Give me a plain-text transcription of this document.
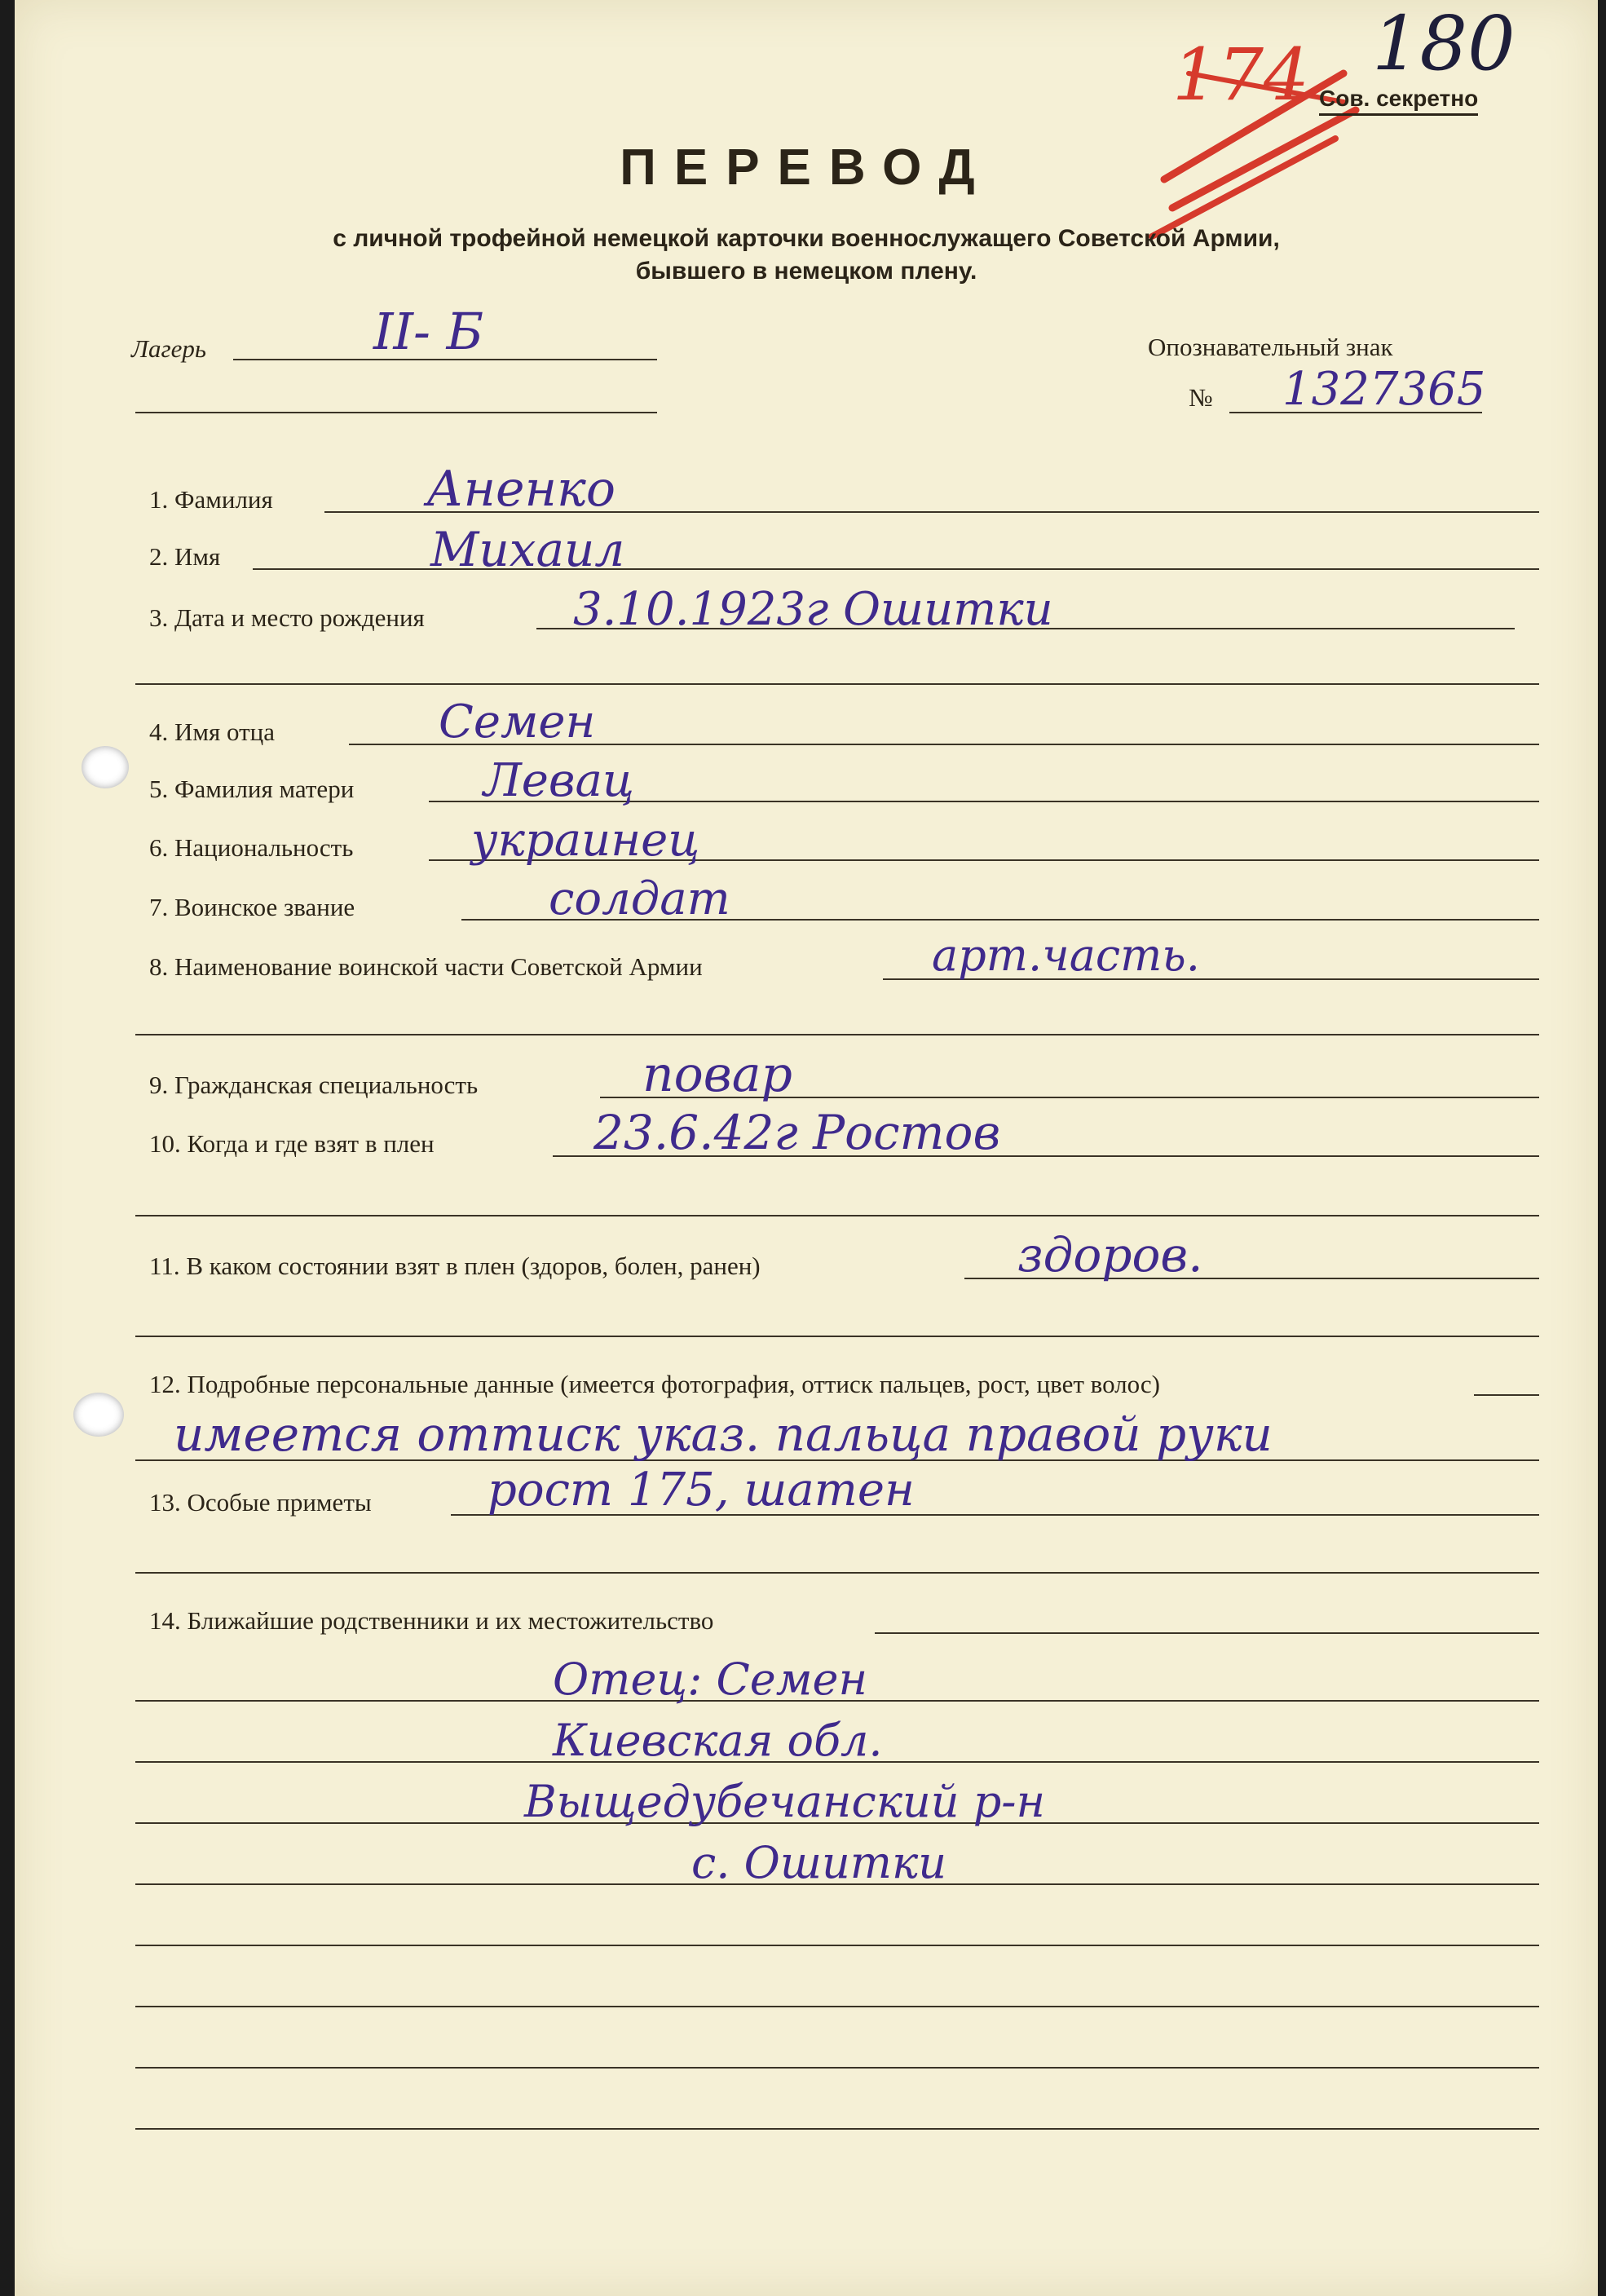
174 180
Сов. секретно
ПЕРЕВОД
с личной трофейной немецкой карточки военнослужащего Советской Армии,
бывшего в немецком плену.
Лагерь	II- Б	Опознавательный знак
№ 1327365
1. Фамилия	Аненко
2. Имя	Михаил
3. Дата и место рождения	3.10.1923г Ошитки
4. Имя отца	Семен
5. Фамилия матери	Левац
6. Национальность	украинец
7. Воинское звание	солдат
8. Наименование воинской части Советской Армии	арт.часть.
9. Гражданская специальность	повар
10. Когда и где взят в плен	23.6.42г Ростов
11. В каком состоянии взят в плен (здоров, болен, ранен)	здоров.
12. Подробные персональные данные (имеется фотография, оттиск пальцев, рост, цвет волос)
имеется оттиск указ. пальца правой руки
13. Особые приметы	рост 175, шатен
14. Ближайшие родственники и их местожительство
Отец: Семен
Киевская обл.
Выщедубечанский р-н
с. Ошитки
